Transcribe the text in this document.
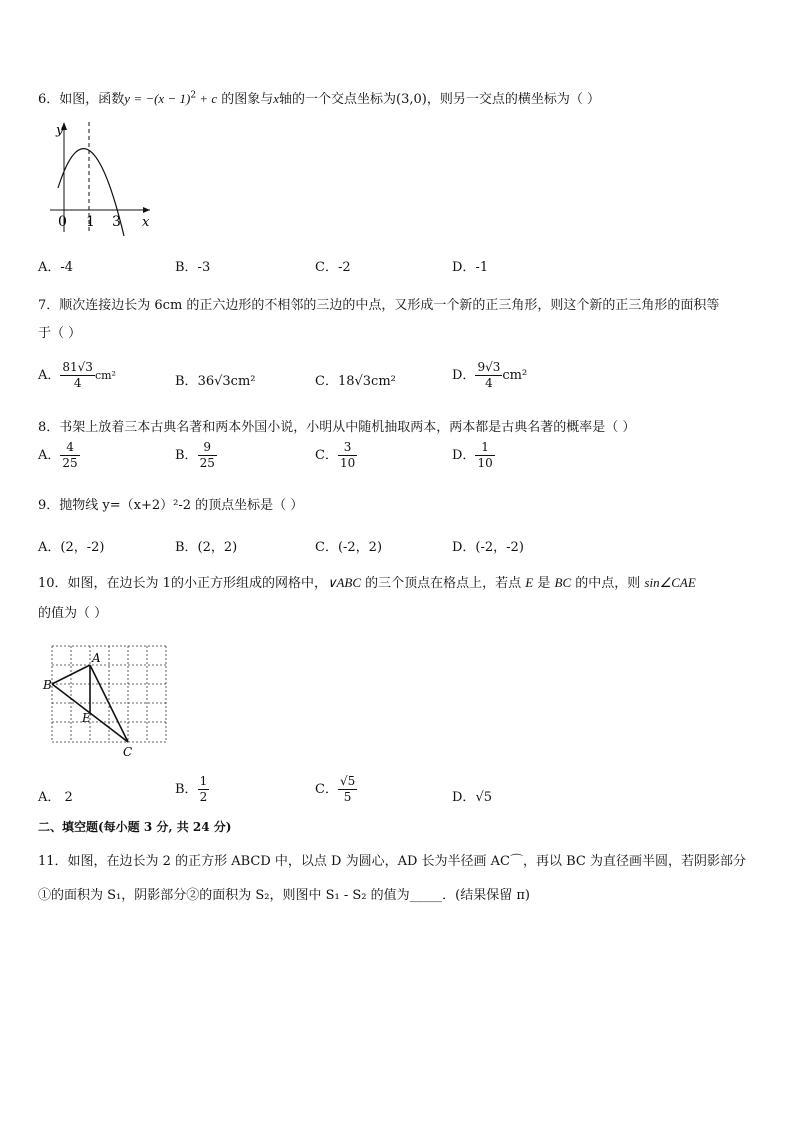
6．如图，函数$y = -(x - 1)^2 + c$ 的图象与x轴的一个交点坐标为(3,0)，则另一交点的横坐标为（ ）
y
x
0 1 3
A．-4	B．-3	C．-2	D．-1
7．顺次连接边长为 6cm 的正六边形的不相邻的三边的中点，又形成一个新的正三角形，则这个新的正三角形的面积等
于（ ）
A． $\frac{81√3}{4} cm^2$	B．36√3cm²	C．18√3cm²	D． $\frac{9√3}{4} cm^2$
8．书架上放着三本古典名著和两本外国小说，小明从中随机抽取两本，两本都是古典名著的概率是（ ）
A． $\frac{4}{25}$	B． $\frac{9}{25}$	C． $\frac{3}{10}$	D． $\frac{1}{10}$
9．抛物线 y=（x+2）²-2 的顶点坐标是（ ）
A．(2，-2)	B．(2，2)	C．(-2，2)	D．(-2，-2)
10．如图，在边长为 1的小正方形组成的网格中，∨ABC 的三个顶点在格点上，若点 E 是 BC 的中点，则 sin∠CAE
的值为（ ）
A
B
C
E
A． 2
B． $\frac{1}{2}$	C． $\frac{√5}{5}$	D．√5
二、填空题(每小题 3 分, 共 24 分)
11．如图，在边长为 2 的正方形 ABCD 中，以点 D 为圆心，AD 长为半径画 AC⌒，再以 BC 为直径画半圆，若阴影部分
①的面积为 S₁，阴影部分②的面积为 S₂，则图中 S₁ - S₂ 的值为_____．(结果保留 π)
